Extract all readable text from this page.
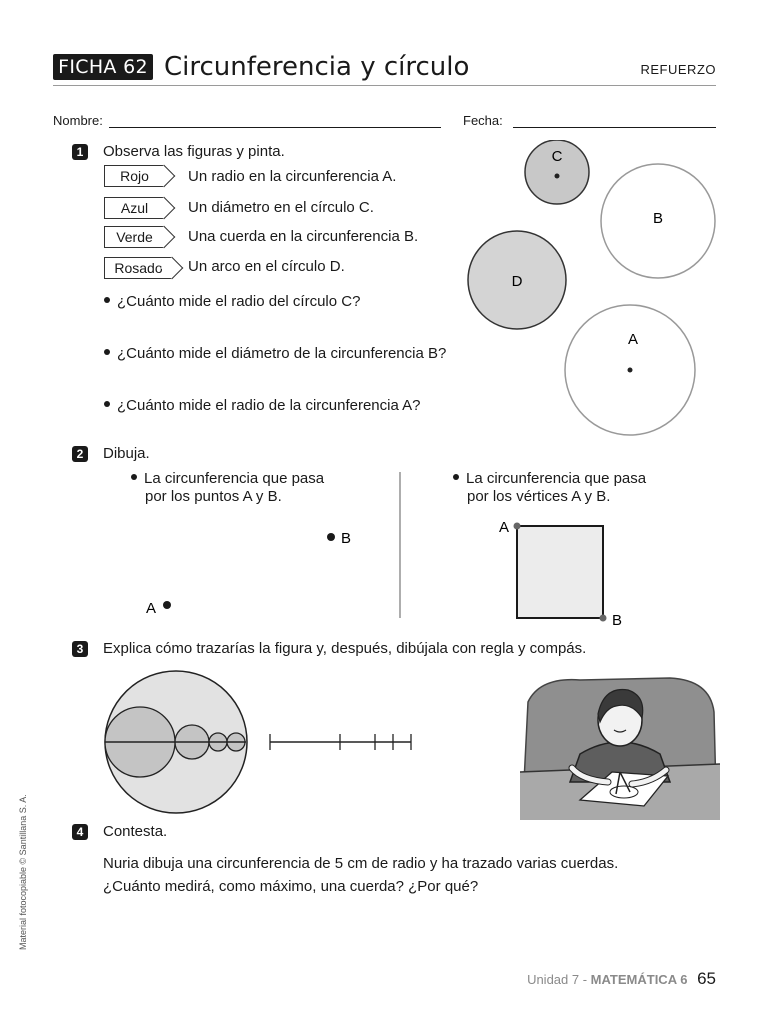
FICHA 62 Circunferencia y círculo	REFUERZO
Nombre:	Fecha:
1	Observa las figuras y pinta.
Rojo	Un radio en la circunferencia A.
Azul	Un diámetro en el círculo C.
Verde	Una cuerda en la circunferencia B.
Rosado	Un arco en el círculo D.
¿Cuánto mide el radio del círculo C?
¿Cuánto mide el diámetro de la circunferencia B?
¿Cuánto mide el radio de la circunferencia A?
C
B
D
A
2	Dibuja.
La circunferencia que pasa
por los puntos A y B.
La circunferencia que pasa
por los vértices A y B.
B
A
A
B
3	Explica cómo trazarías la figura y, después, dibújala con regla y compás.
4	Contesta.
Nuria dibuja una circunferencia de 5 cm de radio y ha trazado varias cuerdas.
¿Cuánto medirá, como máximo, una cuerda? ¿Por qué?
Unidad 7 - MATEMÁTICA 6 65
Material fotocopiable © Santillana S. A.
